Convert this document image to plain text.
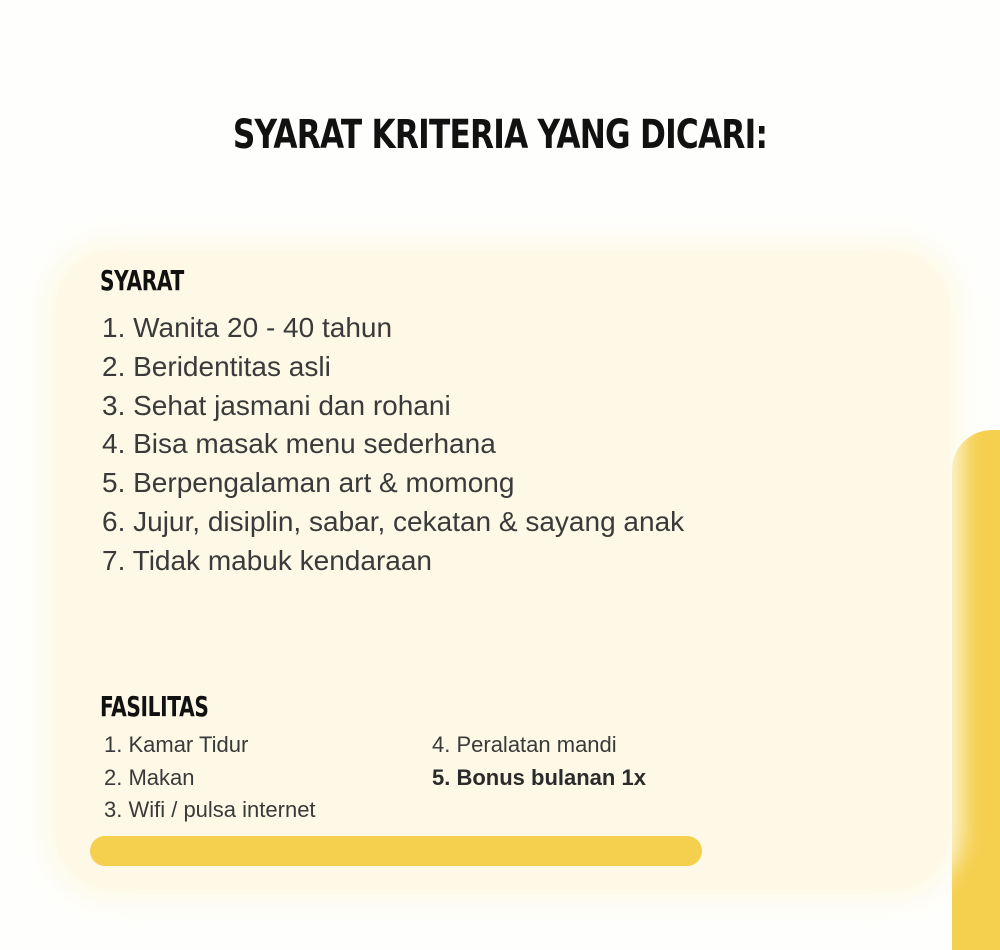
SYARAT KRITERIA YANG DICARI:
SYARAT
1. Wanita 20 - 40 tahun
2. Beridentitas asli
3. Sehat jasmani dan rohani
4. Bisa masak menu sederhana
5. Berpengalaman art & momong
6. Jujur, disiplin, sabar, cekatan & sayang anak
7. Tidak mabuk kendaraan
FASILITAS
1. Kamar Tidur
2. Makan
3. Wifi / pulsa internet
4. Peralatan mandi
5. Bonus bulanan 1x
